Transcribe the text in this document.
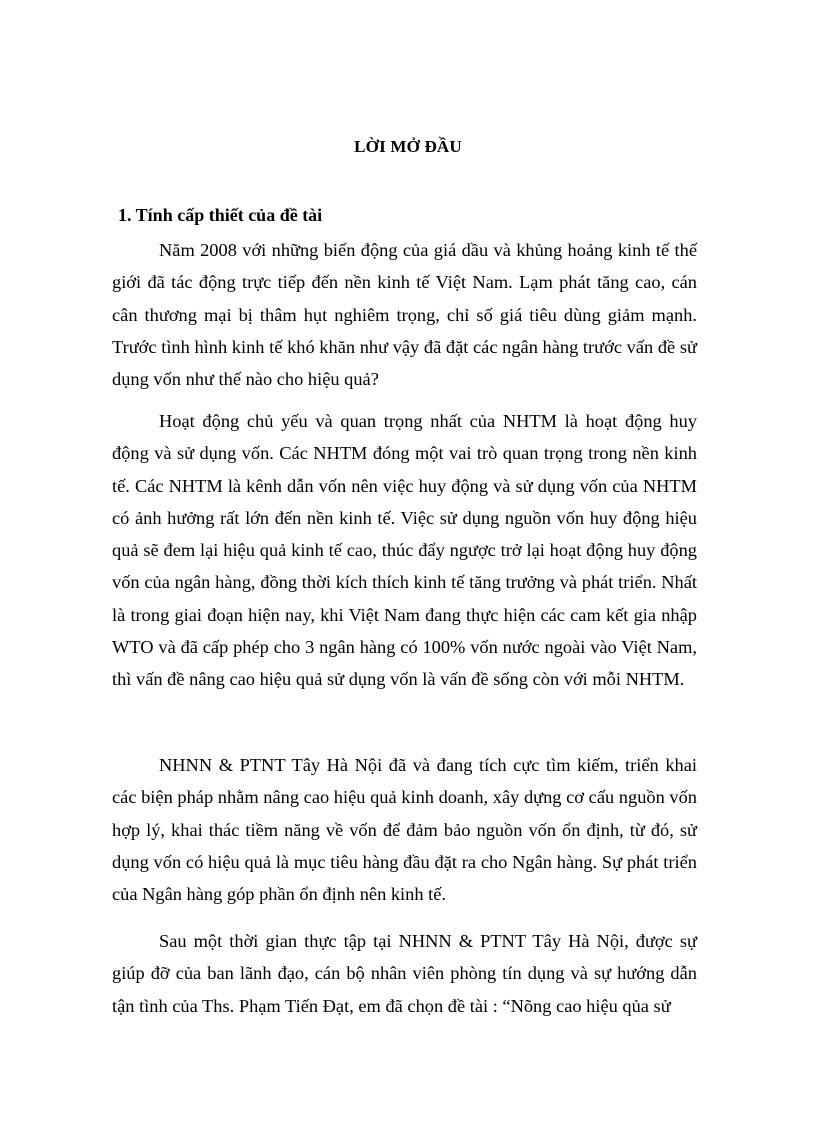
LỜI MỞ ĐẦU
1. Tính cấp thiết của đề tài

Năm 2008 với những biến động của giá dầu và khủng hoảng kinh tế thế giới đã tác động trực tiếp đến nền kinh tế Việt Nam. Lạm phát tăng cao, cán cân thương mại bị thâm hụt nghiêm trọng, chỉ số giá tiêu dùng giảm mạnh. Trước tình hình kinh tế khó khăn như vậy đã đặt các ngân hàng trước vấn đề sử dụng vốn như thế nào cho hiệu quả?

Hoạt động chủ yếu và quan trọng nhất của NHTM là hoạt động huy động và sử dụng vốn. Các NHTM đóng một vai trò quan trọng trong nền kinh tế. Các NHTM là kênh dẫn vốn nên việc huy động và sử dụng vốn của NHTM có ảnh hưởng rất lớn đến nền kinh tế. Việc sử dụng nguồn vốn huy động hiệu quả sẽ đem lại hiệu quả kinh tế cao, thúc đẩy ngược trở lại hoạt động huy động vốn của ngân hàng, đồng thời kích thích kinh tế tăng trưởng và phát triển. Nhất là trong giai đoạn hiện nay, khi Việt Nam đang thực hiện các cam kết gia nhập WTO và đã cấp phép cho 3 ngân hàng có 100% vốn nước ngoài vào Việt Nam, thì vấn đề nâng cao hiệu quả sử dụng vốn là vấn đề sống còn với mỗi NHTM.

NHNN & PTNT Tây Hà Nội đã và đang tích cực tìm kiếm, triển khai các biện pháp nhằm nâng cao hiệu quả kinh doanh, xây dựng cơ cấu nguồn vốn hợp lý, khai thác tiềm năng về vốn để đảm bảo nguồn vốn ổn định, từ đó, sử dụng vốn có hiệu quả là mục tiêu hàng đầu đặt ra cho Ngân hàng. Sự phát triển của Ngân hàng góp phần ổn định nên kinh tế.

Sau một thời gian thực tập tại NHNN & PTNT Tây Hà Nội, được sự giúp đỡ của ban lãnh đạo, cán bộ nhân viên phòng tín dụng và sự hướng dẫn tận tình của Ths. Phạm Tiến Đạt, em đã chọn đề tài : “Nõng cao hiệu qủa sử
